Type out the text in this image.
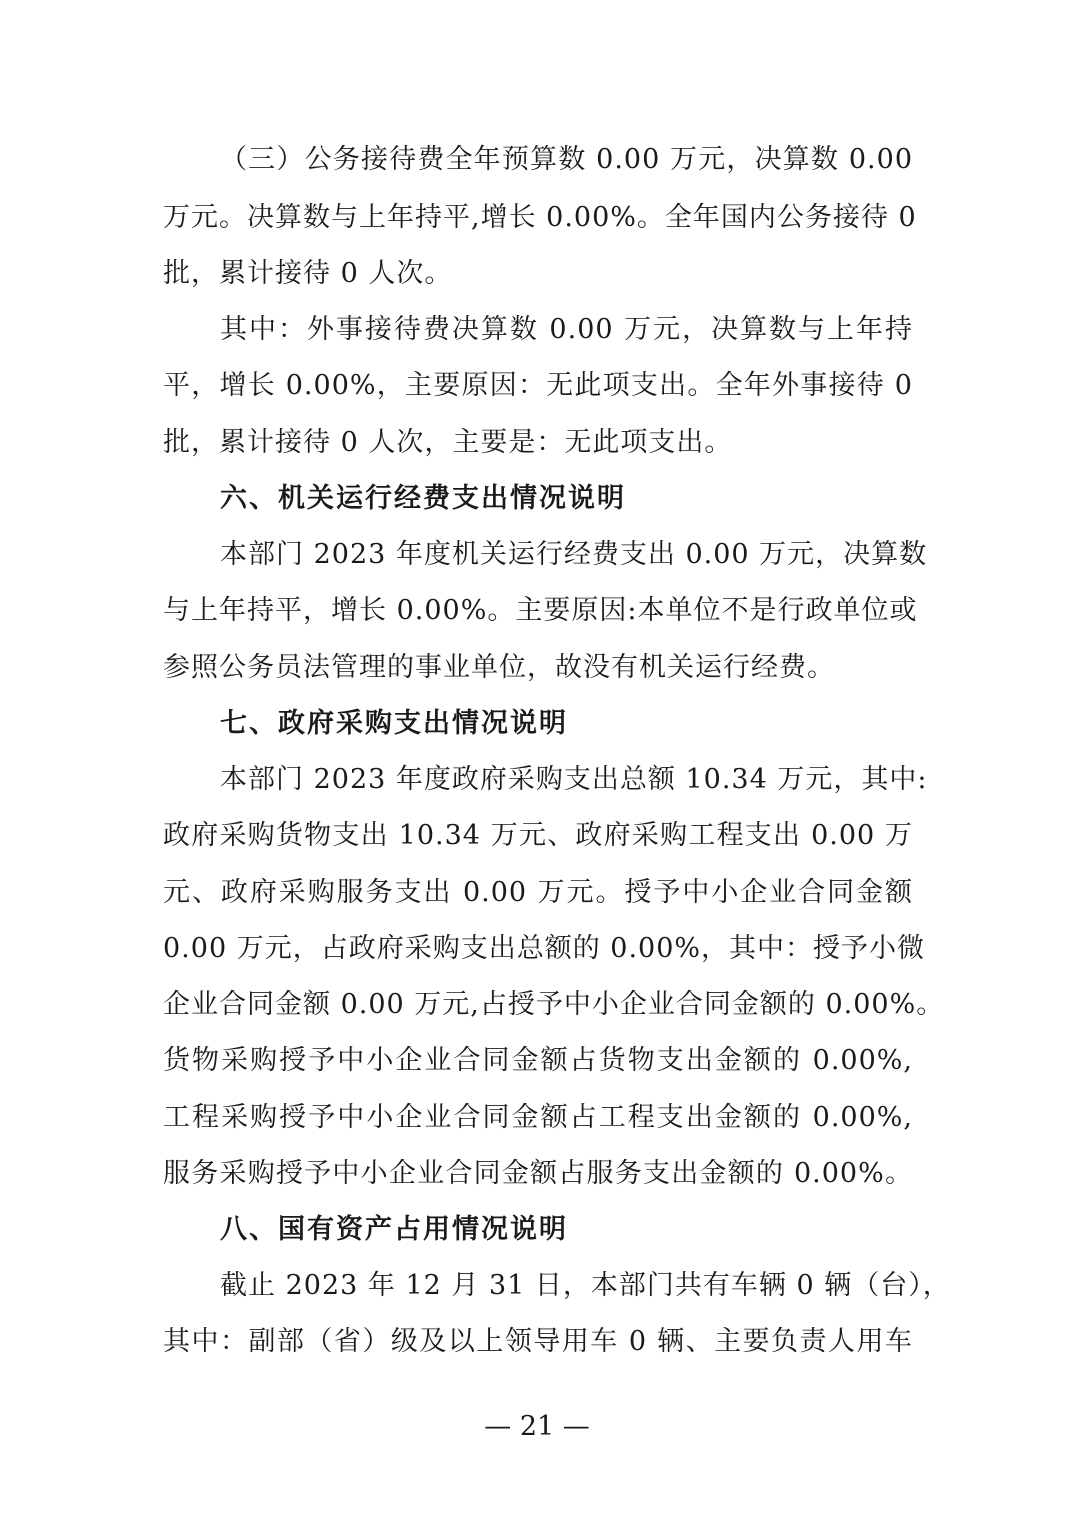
（三）公务接待费全年预算数 0.00 万元，决算数 0.00
万元。决算数与上年持平,增长 0.00%。全年国内公务接待 0
批，累计接待 0 人次。
其中：外事接待费决算数 0.00 万元，决算数与上年持
平，增长 0.00%，主要原因：无此项支出。全年外事接待 0
批，累计接待 0 人次，主要是：无此项支出。
六、机关运行经费支出情况说明
本部门 2023 年度机关运行经费支出 0.00 万元，决算数
与上年持平，增长 0.00%。主要原因:本单位不是行政单位或
参照公务员法管理的事业单位，故没有机关运行经费。
七、政府采购支出情况说明
本部门 2023 年度政府采购支出总额 10.34 万元，其中:
政府采购货物支出 10.34 万元、政府采购工程支出 0.00 万
元、政府采购服务支出 0.00 万元。授予中小企业合同金额
0.00 万元，占政府采购支出总额的 0.00%，其中：授予小微
企业合同金额 0.00 万元,占授予中小企业合同金额的 0.00%。
货物采购授予中小企业合同金额占货物支出金额的 0.00%,
工程采购授予中小企业合同金额占工程支出金额的 0.00%,
服务采购授予中小企业合同金额占服务支出金额的 0.00%。
八、国有资产占用情况说明
截止 2023 年 12 月 31 日，本部门共有车辆 0 辆（台），
其中：副部（省）级及以上领导用车 0 辆、主要负责人用车
— 21 —
